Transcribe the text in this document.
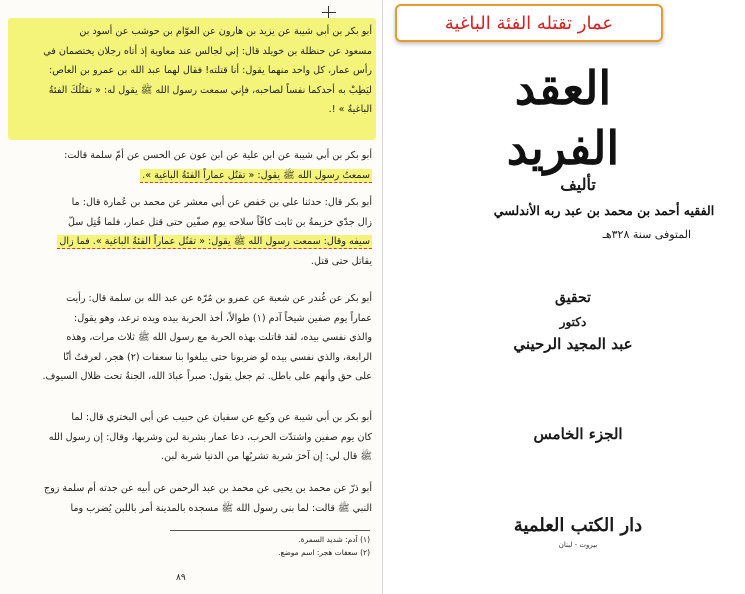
أبو بكر بن أبي شيبة عن يزيد بن هارون عن العوّام بن حوشب عن أسود بن
مسعود عن حنظلة بن خويلد قال: إني لجالس عند معاوية إذ أتاه رجلان يختصمان في
رأس عمار، كل واحد منهما يقول: أنا قتلته! فقال لهما عبد الله بن عمرو بن العاص:
ليَطِبْ به أحدكما نفساً لصاحبه، فإني سمعت رسول الله ﷺ يقول له: « تقتُلُكَ الفئةُ
الباغيةُ » !.
أبو بكر بن أبي شيبة عن ابن علية عن ابن عون عن الحسن عن أمّ سلمة قالت:
سمعتُ رسول الله ﷺ يقول: « تقتُل عماراً الفئةُ الباغية ».
أبو بكر قال: حدثنا علي بن حَفص عن أبي معشر عن محمد بن عُمارة قال: ما
زال جدّي خزيمةُ بن ثابت كافّاً سلاحه يوم صفّين حتى قتل عمار، فلما قُتِل سلّ
سيفه وقال: سمعت رسول الله ﷺ يقول: « تقتُل عماراً الفئةُ الباغية ». فما زال
يقاتل حتى قتل.
أبو بكر عن غُندر عن شعبة عن عمرو بن مُرّة عن عبد الله بن سلمة قال: رأيت
عماراً يوم صفين شيخاً آدم (١) طوالاً، أخذ الحربة بيده ويده ترعد، وهو يقول:
والذي نفسي بيده، لقد قاتلت بهذه الحربة مع رسول الله ﷺ ثلاث مرات، وهذه
الرابعة، والذي نفسي بيده لو ضربونا حتى يبلغوا بنا سعفات (٢) هجر، لعرفتُ أنّا
على حق وأنهم على باطل. ثم جعل يقول: صبراً عبادَ الله، الجنةُ تحت ظلال السيوف.
أبو بكر بن أبي شيبة عن وكيع عن سفيان عن حبيب عن أبي البختري قال: لما
كان يوم صفين واشتدّت الحرب، دعا عمار بشربة لبن وشربها، وقال: إن رسول الله
ﷺ قال لي: إن آخرَ شربة تشربُها من الدنيا شربة لبن.
أبو ذرّ عن محمد بن يحيى عن محمد بن عبد الرحمن عن أبيه عن جدته أم سلمة زوج
النبي ﷺ قالت: لما بنى رسول الله ﷺ مسجده بالمدينة أمر باللبن يُضرب وما
(١) آدم: شديد السمرة.
(٢) سعفات هجر: اسم موضع.
٨٩
عمار تقتله الفئة الباغية
العقد الفريد
تأليف
الفقيه أحمد بن محمد بن عبد ربه الأندلسي
المتوفى سنة ٣٢٨هـ
تحقيق
دكتور
عبد المجيد الرحيني
الجزء الخامس
دار الكتب العلمية
بيروت - لبنان
